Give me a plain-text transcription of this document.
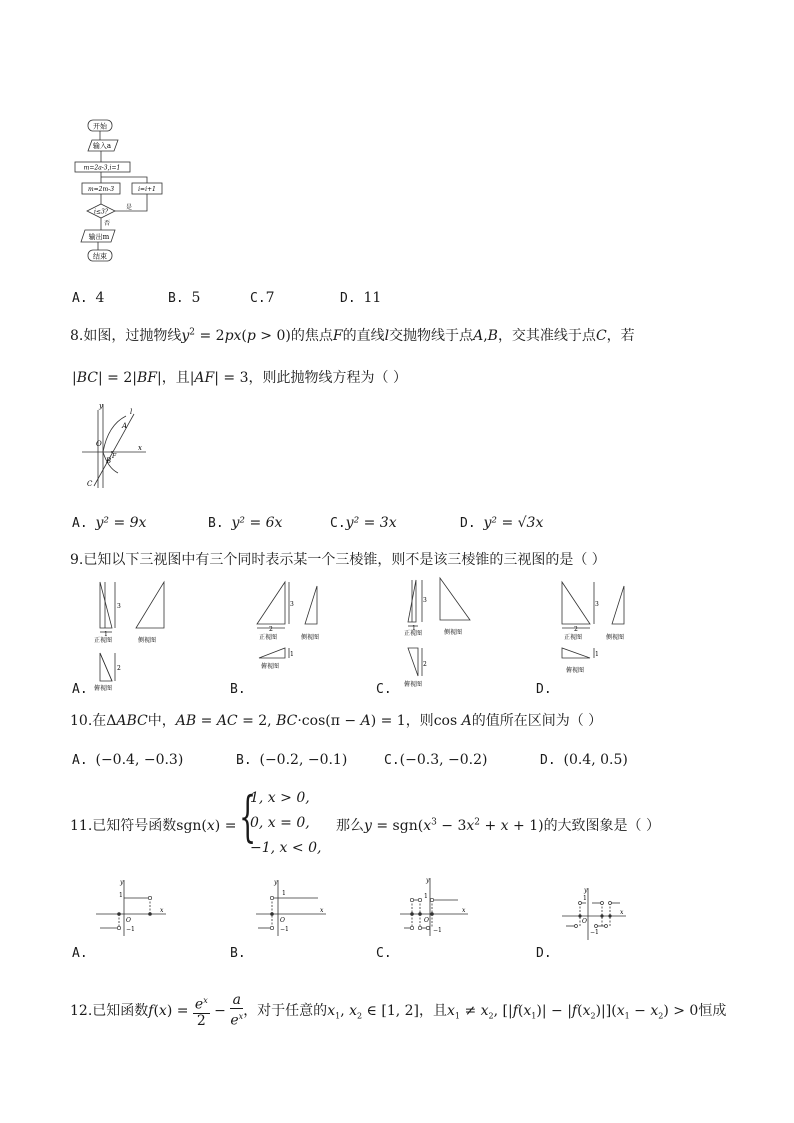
开始
输入a
m=2a-3,i=1
m=2m-3	i=i+1
i≤3?
是
否
输出m
结束
A. 4	B. 5	C.7	D. 11
8.如图，过抛物线$y^2 = 2px(p > 0)$的焦点F的直线l交抛物线于点A,B，交其准线于点C，若
|BC| = 2|BF|，且|AF| = 3，则此抛物线方程为（ ）
y
x
O
A
l
F
B
C
A. y² = 9x	B. y² = 6x	C.y² = 3x	D. y² = √3x
9.已知以下三视图中有三个同时表示某一个三棱锥，则不是该三棱锥的三视图的是（ ）
3
1
2
正视图	侧视图
俯视图
3
2
1
正视图	侧视图
俯视图
3
1
2
正视图	侧视图
俯视图
3
2
1
正视图	侧视图
俯视图
A.	B.	C.	D.
10.在ΔABC中，AB = AC = 2, BC·cos(π − A) = 1，则cos A的值所在区间为（ ）
A. (−0.4, −0.3)	B. (−0.2, −0.1)	C.(−0.3, −0.2)	D. (0.4, 0.5)
11.已知符号函数sgn(x) = {
1, x > 0,
0, x = 0,
−1, x < 0,
那么$y = sgn(x^3 - 3x^2 + x + 1)$的大致图象是（ ）
y
x
O
1
−1
y
x
O
1
−1
y
x
O
1
−1
y
x
O
1
−1
A.	B.	C.	D.
12.已知函数$f(x) = \frac{e^x}{2} - \frac{a}{e^x}$ ，对于任意的$x_1$, $x_2$ ∈ [1, 2]，且$x_1 \ne x_2$, $[|f(x_1)| - |f(x_2)|](x_1 - x_2) > 0$恒成
